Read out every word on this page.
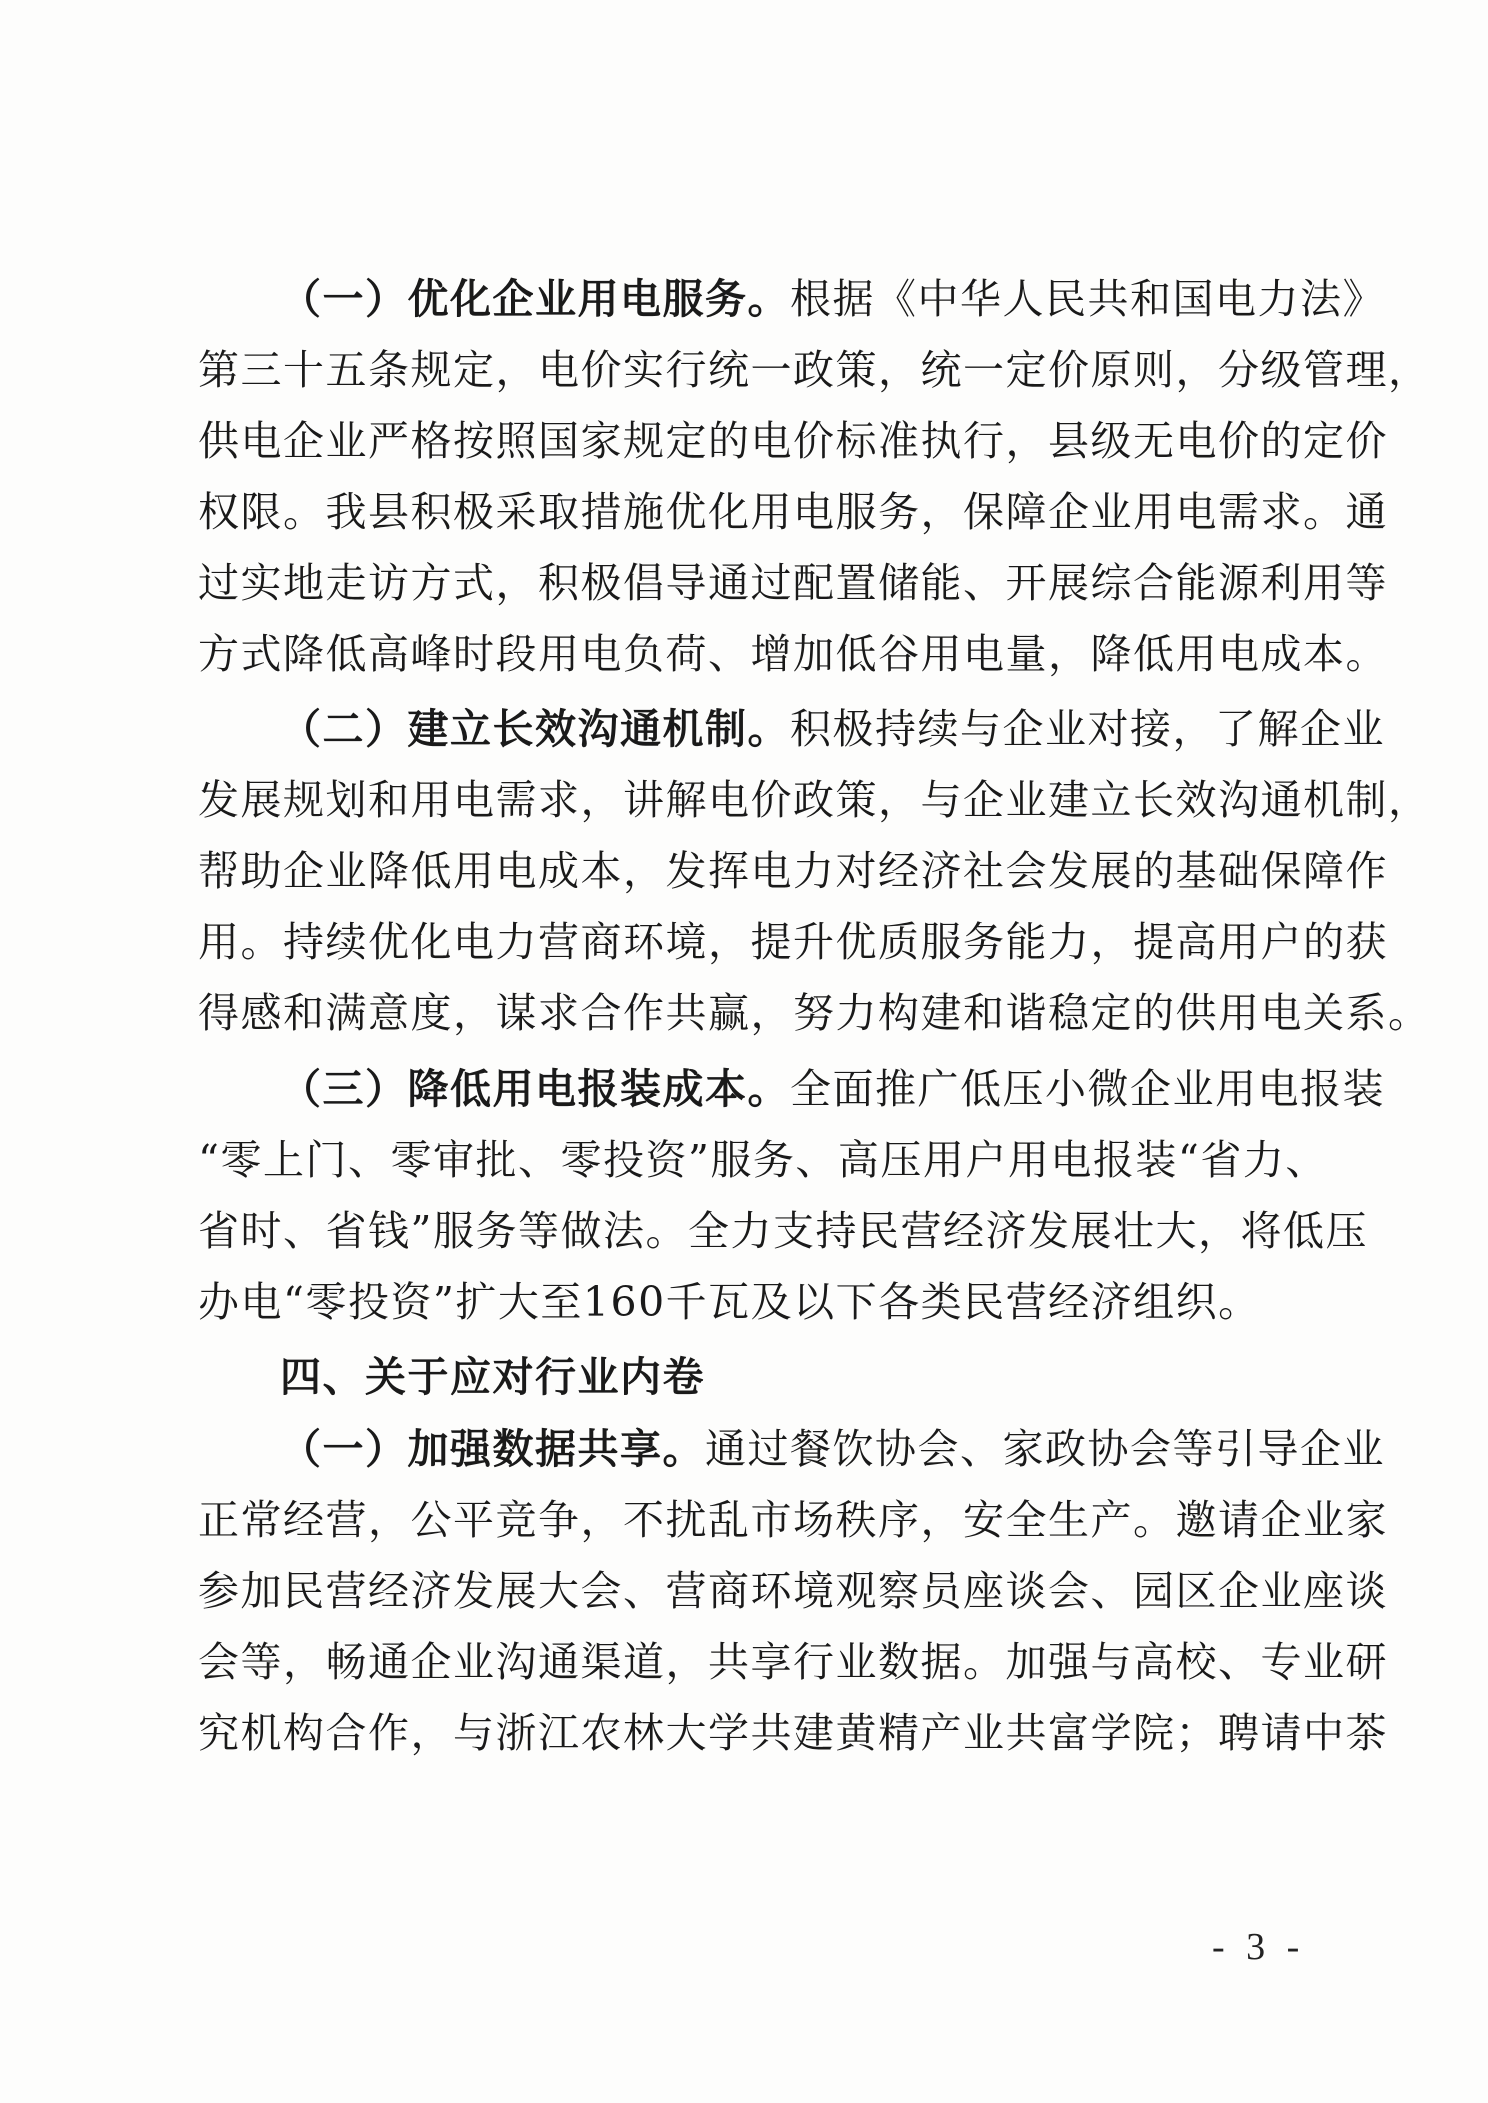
（一）优化企业用电服务。根据《中华人民共和国电力法》
第三十五条规定，电价实行统一政策，统一定价原则，分级管理，
供电企业严格按照国家规定的电价标准执行，县级无电价的定价
权限。我县积极采取措施优化用电服务，保障企业用电需求。通
过实地走访方式，积极倡导通过配置储能、开展综合能源利用等
方式降低高峰时段用电负荷、增加低谷用电量，降低用电成本。
（二）建立长效沟通机制。积极持续与企业对接，了解企业
发展规划和用电需求，讲解电价政策，与企业建立长效沟通机制，
帮助企业降低用电成本，发挥电力对经济社会发展的基础保障作
用。持续优化电力营商环境，提升优质服务能力，提高用户的获
得感和满意度，谋求合作共赢，努力构建和谐稳定的供用电关系。
（三）降低用电报装成本。全面推广低压小微企业用电报装
“零上门、零审批、零投资”服务、高压用户用电报装“省力、
省时、省钱”服务等做法。全力支持民营经济发展壮大，将低压
办电“零投资”扩大至160千瓦及以下各类民营经济组织。
四、关于应对行业内卷
（一）加强数据共享。通过餐饮协会、家政协会等引导企业
正常经营，公平竞争，不扰乱市场秩序，安全生产。邀请企业家
参加民营经济发展大会、营商环境观察员座谈会、园区企业座谈
会等，畅通企业沟通渠道，共享行业数据。加强与高校、专业研
究机构合作，与浙江农林大学共建黄精产业共富学院；聘请中茶
- 3 -
